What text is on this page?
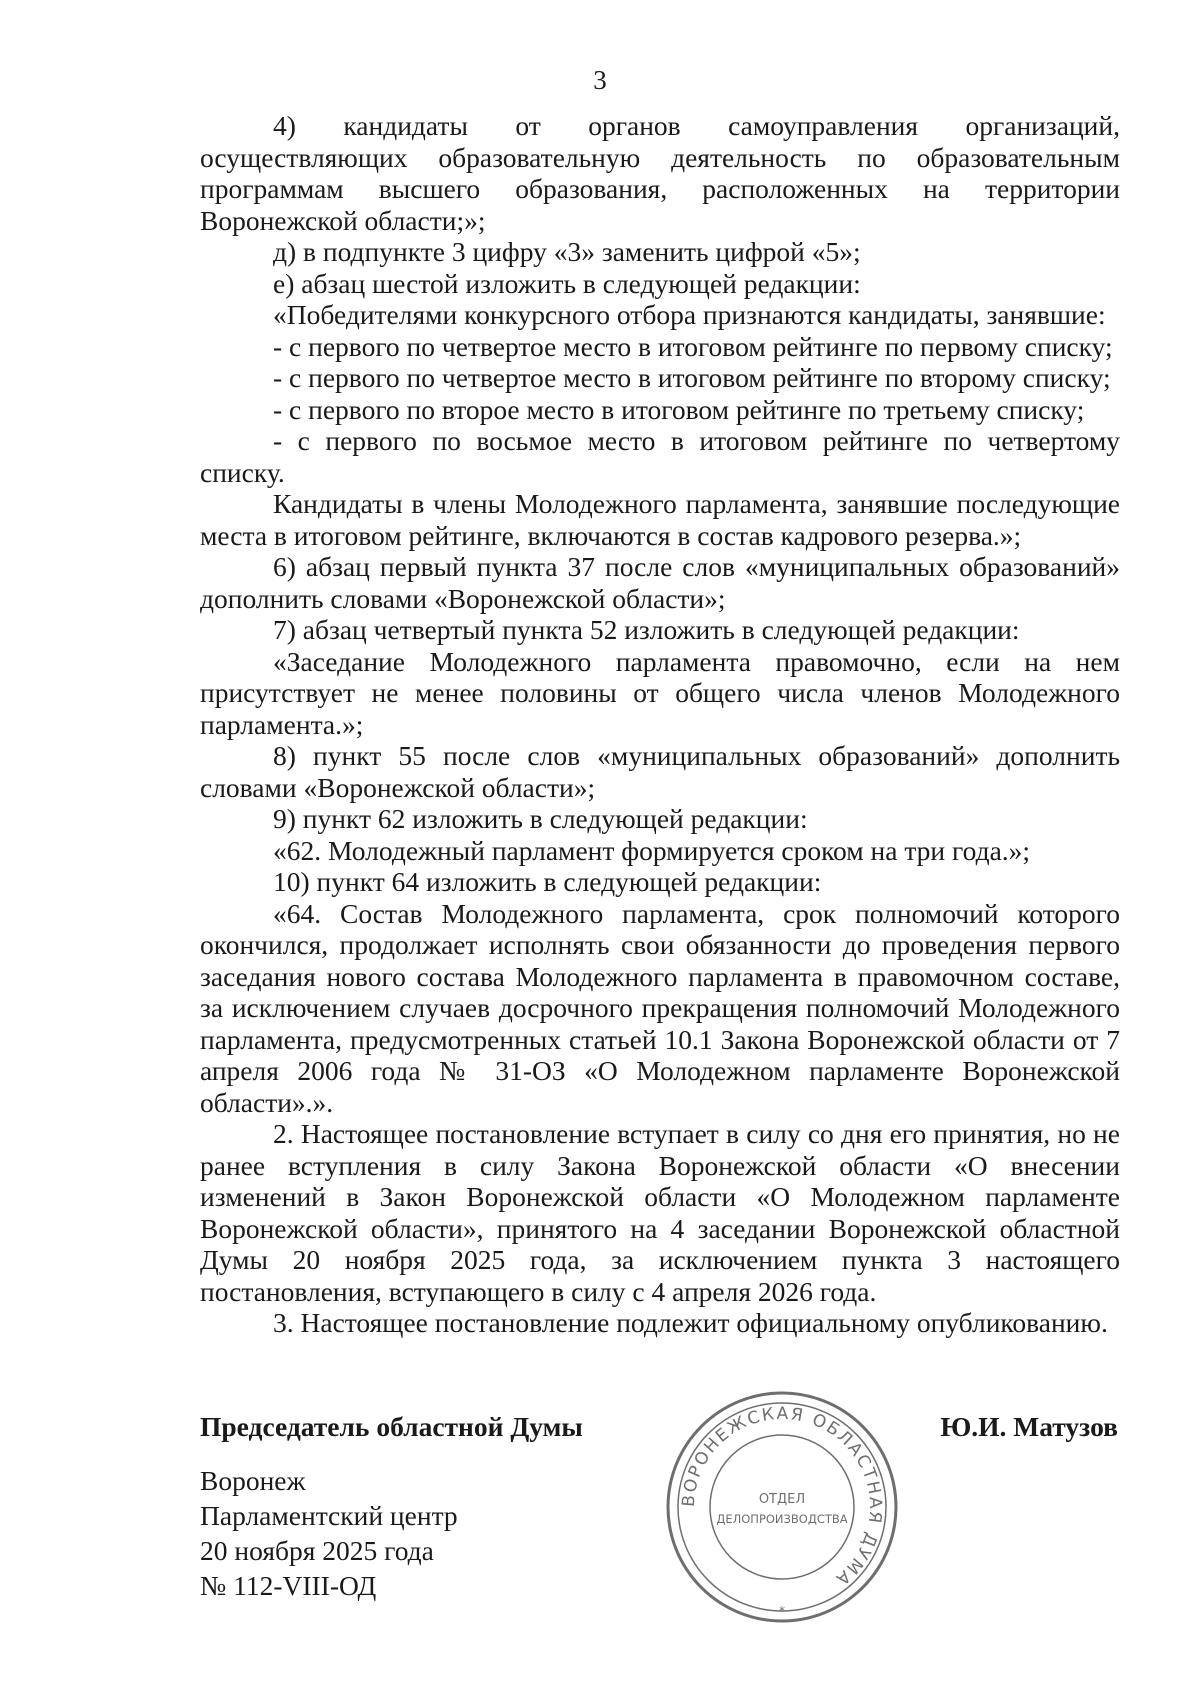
3

4) кандидаты от органов самоуправления организаций, осуществляющих образовательную деятельность по образовательным программам высшего образования, расположенных на территории Воронежской области;»;

д) в подпункте 3 цифру «3» заменить цифрой «5»;

е) абзац шестой изложить в следующей редакции:

«Победителями конкурсного отбора признаются кандидаты, занявшие:

- с первого по четвертое место в итоговом рейтинге по первому списку;

- с первого по четвертое место в итоговом рейтинге по второму списку;

- с первого по второе место в итоговом рейтинге по третьему списку;

- с первого по восьмое место в итоговом рейтинге по четвертому списку.

Кандидаты в члены Молодежного парламента, занявшие последующие места в итоговом рейтинге, включаются в состав кадрового резерва.»;

6) абзац первый пункта 37 после слов «муниципальных образований» дополнить словами «Воронежской области»;

7) абзац четвертый пункта 52 изложить в следующей редакции:

«Заседание Молодежного парламента правомочно, если на нем присутствует не менее половины от общего числа членов Молодежного парламента.»;

8) пункт 55 после слов «муниципальных образований» дополнить словами «Воронежской области»;

9) пункт 62 изложить в следующей редакции:

«62. Молодежный парламент формируется сроком на три года.»;

10) пункт 64 изложить в следующей редакции:

«64. Состав Молодежного парламента, срок полномочий которого окончился, продолжает исполнять свои обязанности до проведения первого заседания нового состава Молодежного парламента в правомочном составе, за исключением случаев досрочного прекращения полномочий Молодежного парламента, предусмотренных статьей 10.1 Закона Воронежской области от 7 апреля 2006 года № 31-ОЗ «О Молодежном парламенте Воронежской области».».

2. Настоящее постановление вступает в силу со дня его принятия, но не ранее вступления в силу Закона Воронежской области «О внесении изменений в Закон Воронежской области «О Молодежном парламенте Воронежской области», принятого на 4 заседании Воронежской областной Думы 20 ноября 2025 года, за исключением пункта 3 настоящего постановления, вступающего в силу с 4 апреля 2026 года.

3. Настоящее постановление подлежит официальному опубликованию.

Председатель областной Думы
Воронеж
Парламентский центр
20 ноября 2025 года
№ 112-VIII-ОД
Ю.И. Матузов
ВОРОНЕЖСКАЯ ОБЛАСТНАЯ ДУМА
ОТДЕЛ
ДЕЛОПРОИЗВОДСТВА
*
